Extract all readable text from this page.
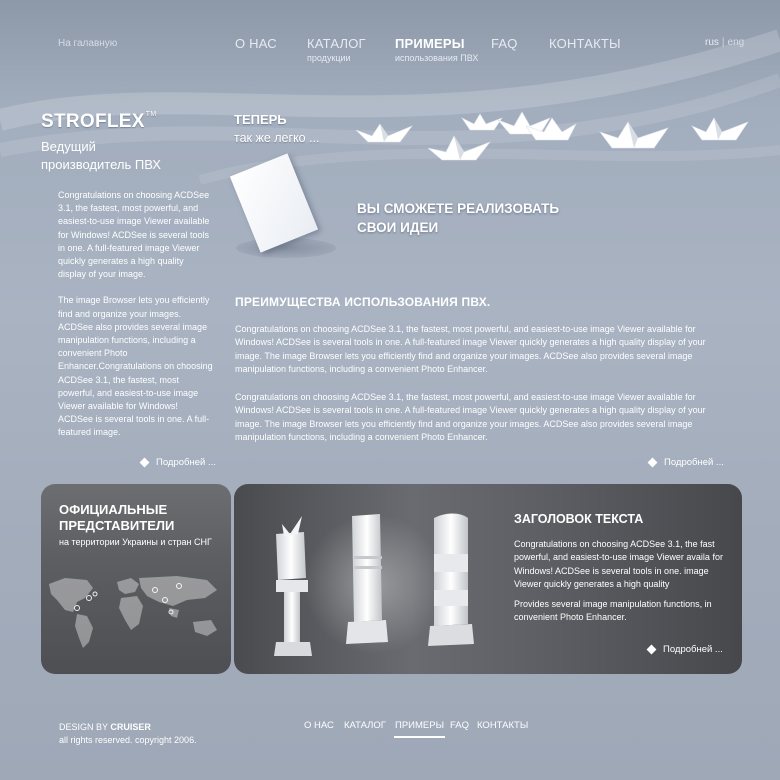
На галавную	О НАС КАТАЛОГ
продукции
ПРИМЕРЫ
использования ПВХ
FAQ КОНТАКТЫ	rus | eng
STROFLEX™
Ведущий
производитель ПВХ

Congratulations on choosing ACDSee 3.1, the fastest, most powerful, and easiest-to-use image Viewer available for Windows! ACDSee is several tools in one. A full-featured image Viewer quickly generates a high quality display of your image.

The image Browser lets you efficiently find and organize your images. ACDSee also provides several image manipulation functions, including a convenient Photo Enhancer.Congratulations on choosing ACDSee 3.1, the fastest, most powerful, and easiest-to-use image Viewer available for Windows! ACDSee is several tools in one. A full-featured image.

Подробней ...
ТЕПЕРЬ
так же легко ...
ВЫ СМОЖЕТЕ РЕАЛИЗОВАТЬ
СВОИ ИДЕИ
ПРЕИМУЩЕСТВА ИСПОЛЬЗОВАНИЯ ПВХ.
Congratulations on choosing ACDSee 3.1, the fastest, most powerful, and easiest-to-use image Viewer available for Windows! ACDSee is several tools in one. A full-featured image Viewer quickly generates a high quality display of your image. The image Browser lets you efficiently find and organize your images. ACDSee also provides several image manipulation functions, including a convenient Photo Enhancer.
Congratulations on choosing ACDSee 3.1, the fastest, most powerful, and easiest-to-use image Viewer available for Windows! ACDSee is several tools in one. A full-featured image Viewer quickly generates a high quality display of your image. The image Browser lets you efficiently find and organize your images. ACDSee also provides several image manipulation functions, including a convenient Photo Enhancer.
Подробней ...
ОФИЦИАЛЬНЫЕ
ПРЕДСТАВИТЕЛИ
на территории Украины и стран СНГ
ЗАГОЛОВОК ТЕКСТА

Congratulations on choosing ACDSee 3.1, the fast powerful, and easiest-to-use image Viewer availa for Windows! ACDSee is several tools in one. image Viewer quickly generates a high quality

Provides several image manipulation functions, in convenient Photo Enhancer.

Подробней ...
DESIGN BY CRUISER
all rights reserved. copyright 2006.
О НАС КАТАЛОГ ПРИМЕРЫ FAQ КОНТАКТЫ
